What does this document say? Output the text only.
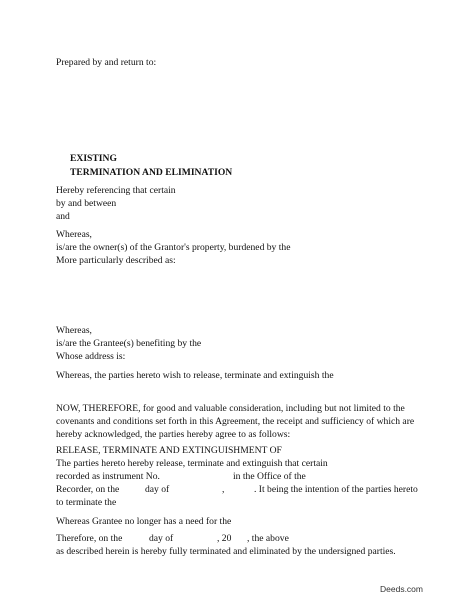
Prepared by and return to:
EXISTING
TERMINATION AND ELIMINATION
Hereby referencing that certain
by and between
and
Whereas,
is/are the owner(s) of the Grantor's property, burdened by the
More particularly described as:
Whereas,
is/are the Grantee(s) benefiting by the
Whose address is:
Whereas, the parties hereto wish to release, terminate and extinguish the
NOW, THEREFORE, for good and valuable consideration, including but not limited to the
covenants and conditions set forth in this Agreement, the receipt and sufficiency of which are
hereby acknowledged, the parties hereby agree to as follows:
RELEASE, TERMINATE AND EXTINGUISHMENT OF
The parties hereto hereby release, terminate and extinguish that certain
recorded as instrument No.	in the Office of the
Recorder, on the	day of	,	. It being the intention of the parties hereto
to terminate the
Whereas Grantee no longer has a need for the
Therefore, on the	day of	, 20 , the above
as described herein is hereby fully terminated and eliminated by the undersigned parties.
Deeds.com
